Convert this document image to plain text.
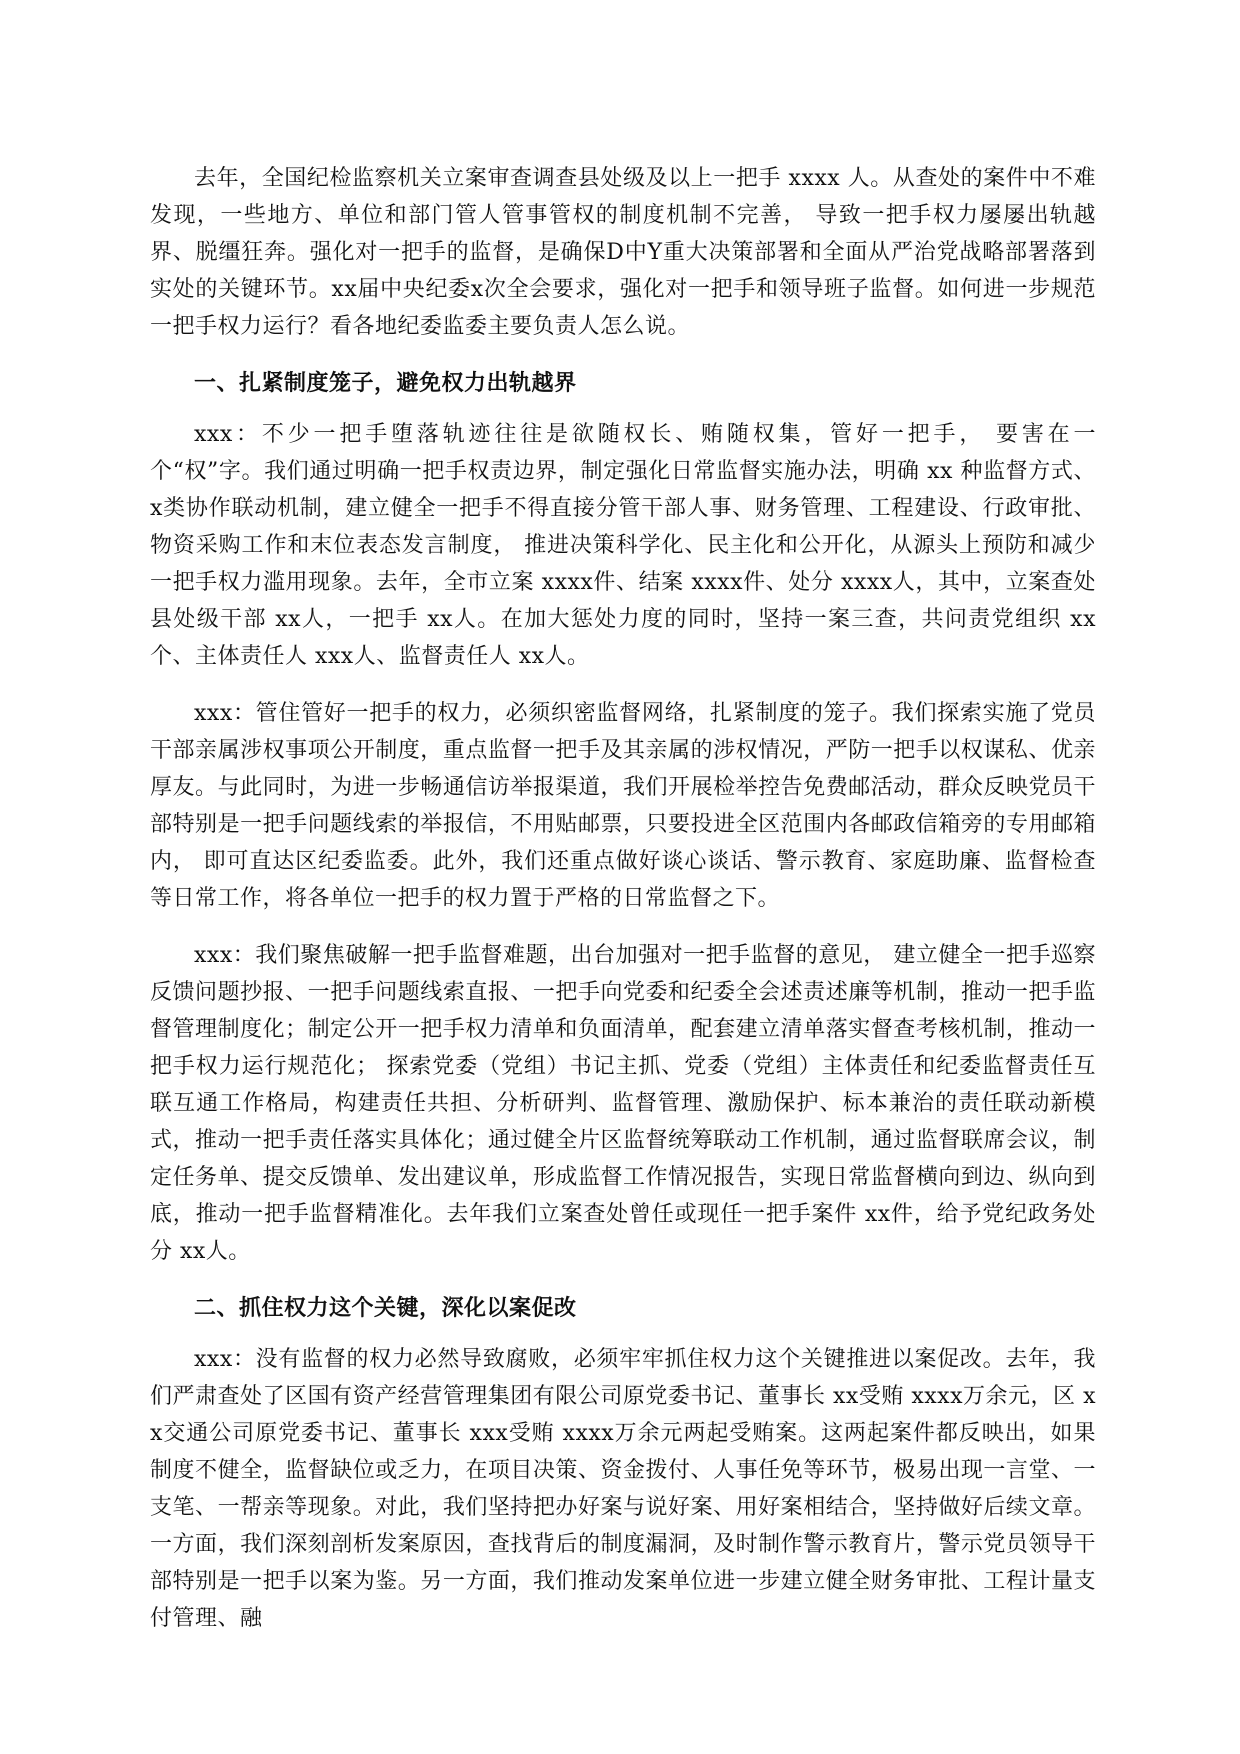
去年，全国纪检监察机关立案审查调查县处级及以上一把手 xxxx 人。从查处的案件中不难发现，一些地方、单位和部门管人管事管权的制度机制不完善， 导致一把手权力屡屡出轨越界、脱缰狂奔。强化对一把手的监督，是确保D中Y重大决策部署和全面从严治党战略部署落到实处的关键环节。xx届中央纪委x次全会要求，强化对一把手和领导班子监督。如何进一步规范一把手权力运行？看各地纪委监委主要负责人怎么说。

一、扎紧制度笼子，避免权力出轨越界

xxx：不少一把手堕落轨迹往往是欲随权长、贿随权集，管好一把手， 要害在一个“权”字。我们通过明确一把手权责边界，制定强化日常监督实施办法，明确 xx 种监督方式、x类协作联动机制，建立健全一把手不得直接分管干部人事、财务管理、工程建设、行政审批、物资采购工作和末位表态发言制度， 推进决策科学化、民主化和公开化，从源头上预防和减少一把手权力滥用现象。去年，全市立案 xxxx件、结案 xxxx件、处分 xxxx人，其中，立案查处县处级干部 xx人，一把手 xx人。在加大惩处力度的同时，坚持一案三查，共问责党组织 xx个、主体责任人 xxx人、监督责任人 xx人。

xxx：管住管好一把手的权力，必须织密监督网络，扎紧制度的笼子。我们探索实施了党员干部亲属涉权事项公开制度，重点监督一把手及其亲属的涉权情况，严防一把手以权谋私、优亲厚友。与此同时，为进一步畅通信访举报渠道，我们开展检举控告免费邮活动，群众反映党员干部特别是一把手问题线索的举报信，不用贴邮票，只要投进全区范围内各邮政信箱旁的专用邮箱内， 即可直达区纪委监委。此外，我们还重点做好谈心谈话、警示教育、家庭助廉、监督检查等日常工作，将各单位一把手的权力置于严格的日常监督之下。

xxx：我们聚焦破解一把手监督难题，出台加强对一把手监督的意见， 建立健全一把手巡察反馈问题抄报、一把手问题线索直报、一把手向党委和纪委全会述责述廉等机制，推动一把手监督管理制度化；制定公开一把手权力清单和负面清单，配套建立清单落实督查考核机制，推动一把手权力运行规范化； 探索党委（党组）书记主抓、党委（党组）主体责任和纪委监督责任互联互通工作格局，构建责任共担、分析研判、监督管理、激励保护、标本兼治的责任联动新模式，推动一把手责任落实具体化；通过健全片区监督统筹联动工作机制，通过监督联席会议，制定任务单、提交反馈单、发出建议单，形成监督工作情况报告，实现日常监督横向到边、纵向到底，推动一把手监督精准化。去年我们立案查处曾任或现任一把手案件 xx件，给予党纪政务处分 xx人。

二、抓住权力这个关键，深化以案促改

xxx：没有监督的权力必然导致腐败，必须牢牢抓住权力这个关键推进以案促改。去年，我们严肃查处了区国有资产经营管理集团有限公司原党委书记、董事长 xx受贿 xxxx万余元，区 xx交通公司原党委书记、董事长 xxx受贿 xxxx万余元两起受贿案。这两起案件都反映出，如果制度不健全，监督缺位或乏力，在项目决策、资金拨付、人事任免等环节，极易出现一言堂、一支笔、一帮亲等现象。对此，我们坚持把办好案与说好案、用好案相结合，坚持做好后续文章。一方面，我们深刻剖析发案原因，查找背后的制度漏洞，及时制作警示教育片，警示党员领导干部特别是一把手以案为鉴。另一方面，我们推动发案单位进一步建立健全财务审批、工程计量支付管理、融
